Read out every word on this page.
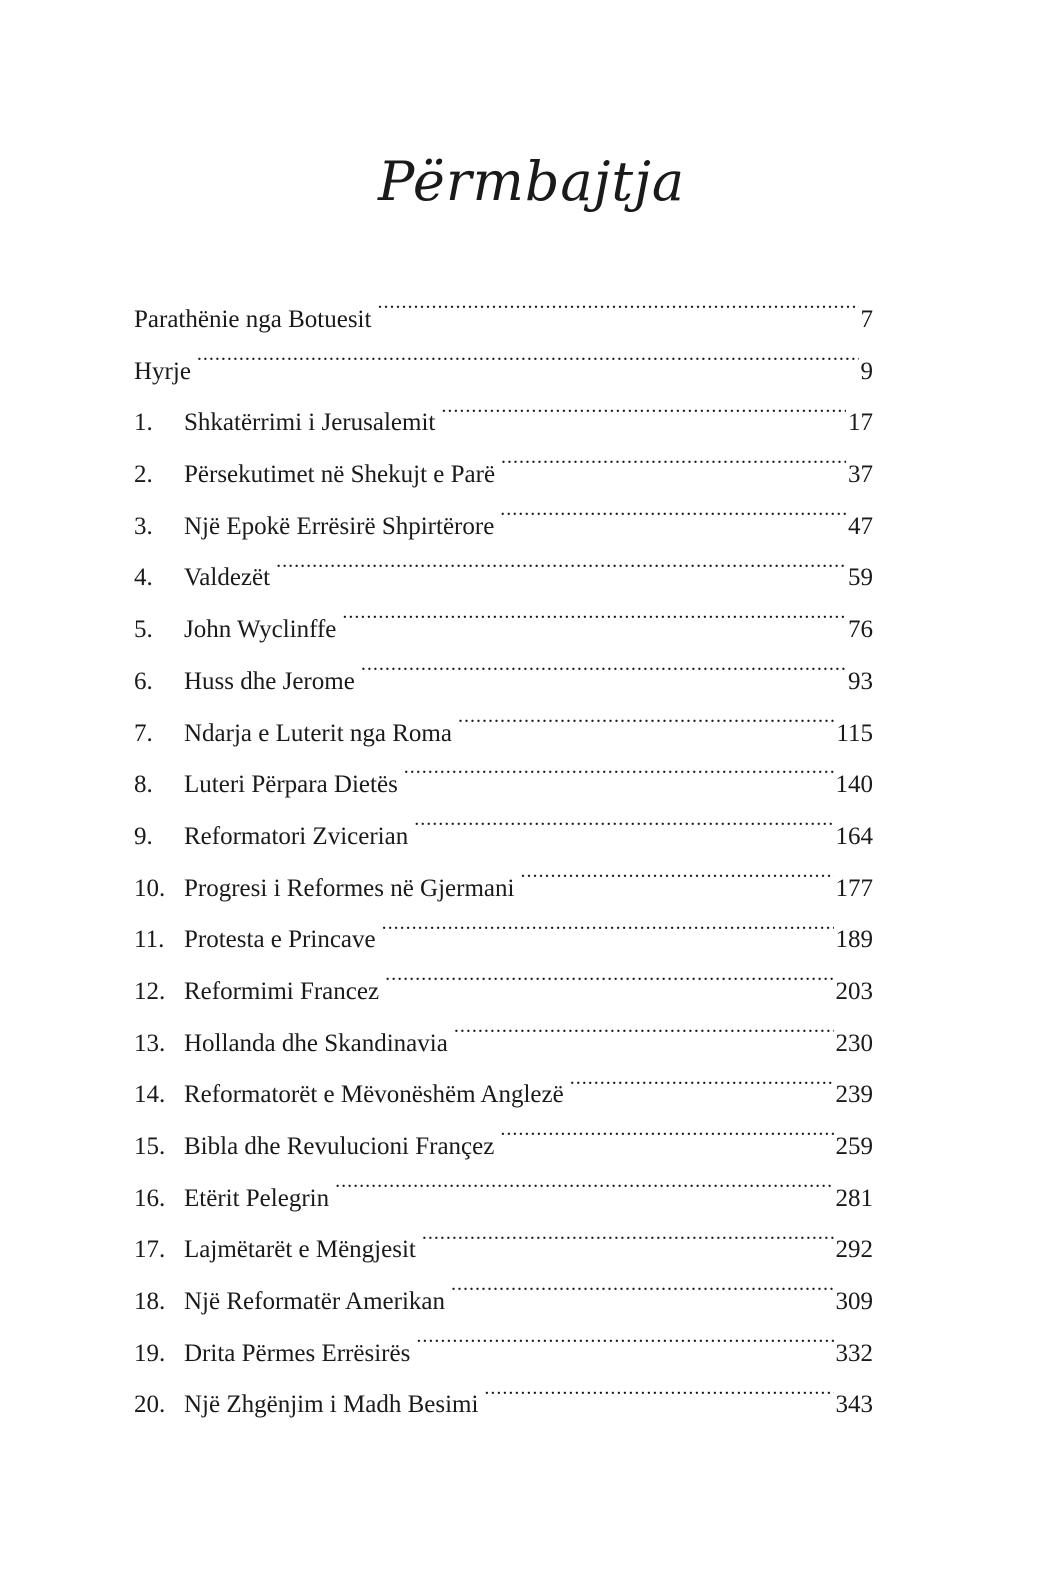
Përmbajtja
Parathënie nga Botuesit .....	7
Hyrje .....	9
1.	Shkatërrimi i Jerusalemit .....	17
2.	Përsekutimet në Shekujt e Parë .....	37
3.	Një Epokë Errësirë Shpirtërore .....	47
4.	Valdezët .....	59
5.	John Wyclinffe .....	76
6.	Huss dhe Jerome .....	93
7.	Ndarja e Luterit nga Roma .....	115
8.	Luteri Përpara Dietës .....	140
9.	Reformatori Zvicerian .....	164
10. Progresi i Reformes në Gjermani .....	177
11. Protesta e Princave .....	189
12. Reformimi Francez .....	203
13. Hollanda dhe Skandinavia .....	230
14. Reformatorët e Mëvonëshëm Anglezë .....	239
15. Bibla dhe Revulucioni Françez .....	259
16. Etërit Pelegrin .....	281
17. Lajmëtarët e Mëngjesit .....	292
18. Një Reformatër Amerikan .....	309
19. Drita Përmes Errësirës .....	332
20. Një Zhgënjim i Madh Besimi .....	343
